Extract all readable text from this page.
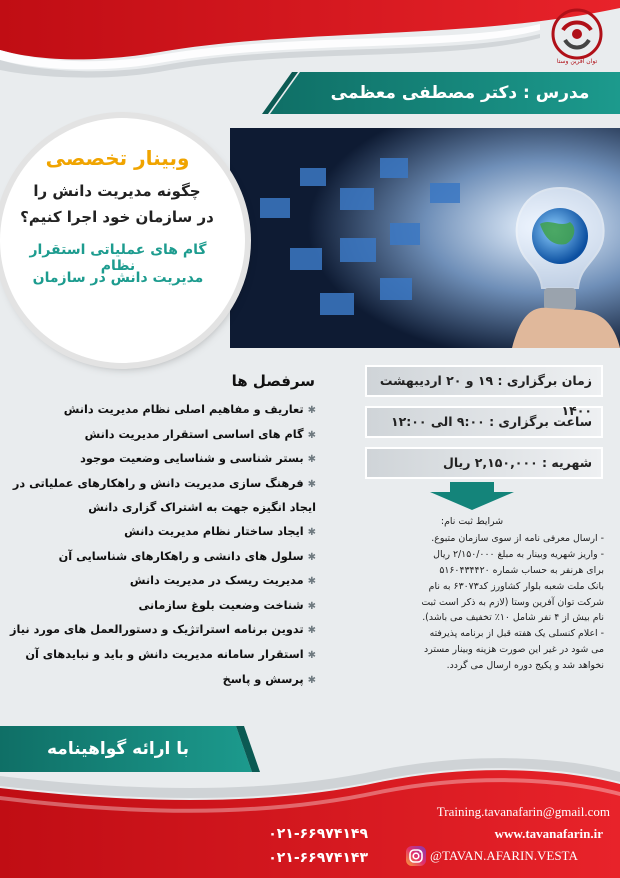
توان آفرین وستا
مدرس : دکتر مصطفی معظمی
وبینار تخصصی
چگونه مدیریت دانش را
در سازمان خود اجرا کنیم؟
گام های عملیاتی استقرار نظام
مدیریت دانش در سازمان
سرفصل ها
✱تعاریف و مفاهیم اصلی نظام مدیریت دانش
✱گام های اساسی استقرار مدیریت دانش
✱بستر شناسی و شناسایی وضعیت موجود
✱فرهنگ سازی مدیریت دانش و راهکارهای عملیاتی در
ایجاد انگیزه جهت به اشتراک گزاری دانش
✱ایجاد ساختار نظام مدیریت دانش
✱سلول های دانشی و راهکارهای شناسایی آن
✱مدیریت ریسک در مدیریت دانش
✱شناخت وضعیت بلوغ سازمانی
✱تدوین برنامه استراتژیک و دستورالعمل های مورد نیاز
✱استقرار سامانه مدیریت دانش و باید و نبایدهای آن
✱پرسش و پاسخ
زمان برگزاری : ۱۹ و ۲۰ اردیبهشت ۱۴۰۰
ساعت برگزاری : ۹:۰۰ الی ۱۲:۰۰
شهریه : ۲,۱۵۰,۰۰۰ ریال

شرایط ثبت نام:

- ارسال معرفی نامه از سوی سازمان متبوع.

- واریز شهریه وبینار به مبلغ ۲/۱۵۰/۰۰۰ ریال

برای هرنفر به حساب شماره ۵۱۶۰۴۳۴۴۲۰

بانک ملت شعبه بلوار کشاورز کد۶۳۰۷۳ به نام

شرکت توان آفرین وستا (لازم به ذکر است ثبت

نام بیش از ۴ نفر شامل ۱۰٪ تخفیف می باشد).

- اعلام کنسلی یک هفته قبل از برنامه پذیرفته

می شود در غیر این صورت هزینه وبینار مسترد

نخواهد شد و پکیج دوره ارسال می گردد.

با ارائه گواهینامه
Training.tavanafarin@gmail.com
www.tavanafarin.ir
@TAVAN.AFARIN.VESTA
۰۲۱-۶۶۹۷۴۱۴۹
۰۲۱-۶۶۹۷۴۱۴۳
